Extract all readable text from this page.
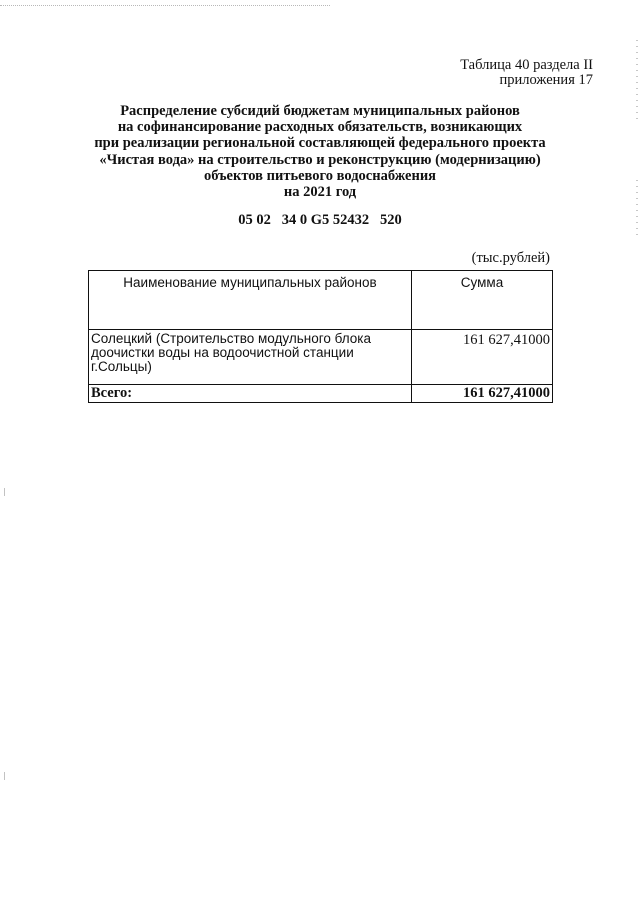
Таблица 40 раздела II
приложения 17
Распределение субсидий бюджетам муниципальных районов
на софинансирование расходных обязательств, возникающих
при реализации региональной составляющей федерального проекта
«Чистая вода» на строительство и реконструкцию (модернизацию)
объектов питьевого водоснабжения
на 2021 год
05 02   34 0 G5 52432   520
(тыс.рублей)
Наименование муниципальных районов	Сумма
Солецкий (Строительство модульного блока доочистки воды на водоочистной станции г.Сольцы)	161 627,41000
Всего:	161 627,41000
